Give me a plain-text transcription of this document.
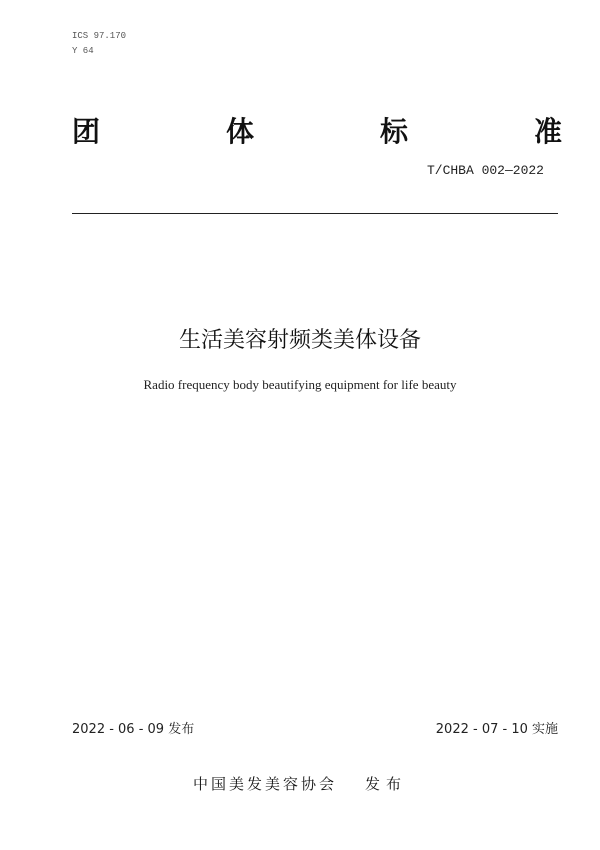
ICS 97.170
Y 64
团	体	标	准
T/CHBA 002—2022
生活美容射频类美体设备
Radio frequency body beautifying equipment for life beauty
2022 - 06 - 09 发布	2022 - 07 - 10 实施
中国美发美容协会 发布
